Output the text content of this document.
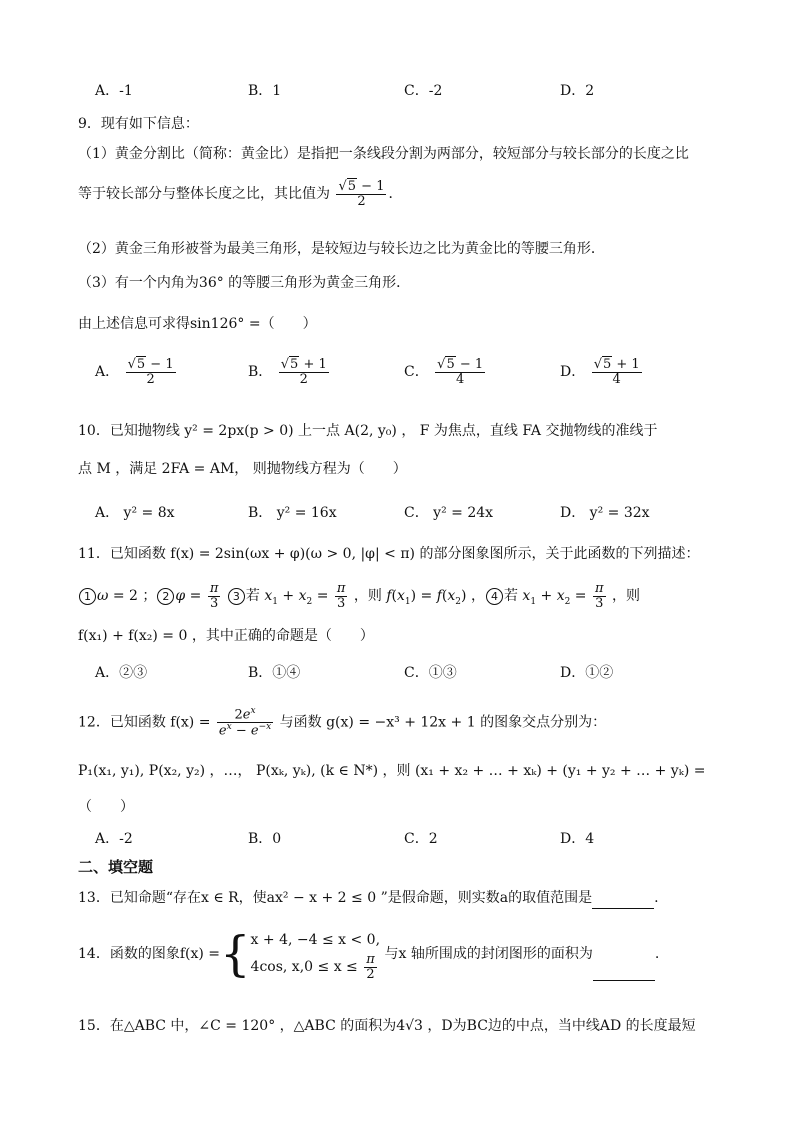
A．-1	B．1	C．-2	D．2
9．现有如下信息：
（1）黄金分割比（简称：黄金比）是指把一条线段分割为两部分，较短部分与较长部分的长度之比
等于较长部分与整体长度之比，其比值为 $\frac{√5 - 1}{2}$ ．
（2）黄金三角形被誉为最美三角形，是较短边与较长边之比为黄金比的等腰三角形．
（3）有一个内角为36° 的等腰三角形为黄金三角形．
由上述信息可求得sin126° =（　　）
A． $\frac{√5 - 1}{2}$	B． $\frac{√5 + 1}{2}$	C． $\frac{√5 - 1}{4}$	D． $\frac{√5 + 1}{4}$
10．已知抛物线 y² = 2px(p > 0) 上一点 A(2, y₀) ， F 为焦点，直线 FA 交抛物线的准线于
点 M ，满足 2FA = AM， 则抛物线方程为（　　）
A． y² = 8x	B． y² = 16x	C． y² = 24x	D． y² = 32x
11．已知函数 f(x) = 2sin(ωx + φ)(ω > 0, |φ| < π) 的部分图象图所示，关于此函数的下列描述：
1 ω = 2 ； 2 $\varphi = \frac{\pi}{3} 3$ 若 $x_1 + x_2 = \frac{\pi}{3}$ ，则 $f(x_1) = f(x_2)$ ， 4 若 $x_1 + x_2 = \frac{\pi}{3}$ ，则
f(x₁) + f(x₂) = 0 ，其中正确的命题是（　　）
A．②③	B．①④	C．①③	D．①②
12．已知函数 $f(x) = \frac{2e^x}{e^x - e^{-x}}$ 与函数 g(x) = −x³ + 12x + 1 的图象交点分别为：
P₁(x₁, y₁), P(x₂, y₂) ，…， P(xₖ, yₖ), (k ∈ N*) ，则 (x₁ + x₂ + … + xₖ) + (y₁ + y₂ + … + yₖ) =
（　　）
A．-2	B．0	C．2	D．4
二、填空题
13．已知命题“存在x ∈ R，使ax² − x + 2 ≤ 0 ”是假命题，则实数a的取值范围是	.
14．函数的图象f(x) ={x + 4, −4 ≤ x < 0,
4cos, $x,0 \le x \le \frac{\pi}{2}$ 与x 轴所围成的封闭图形的面积为	.
15．在△ABC 中，∠C = 120° ，△ABC 的面积为4√3 ，D为BC边的中点，当中线AD 的长度最短
